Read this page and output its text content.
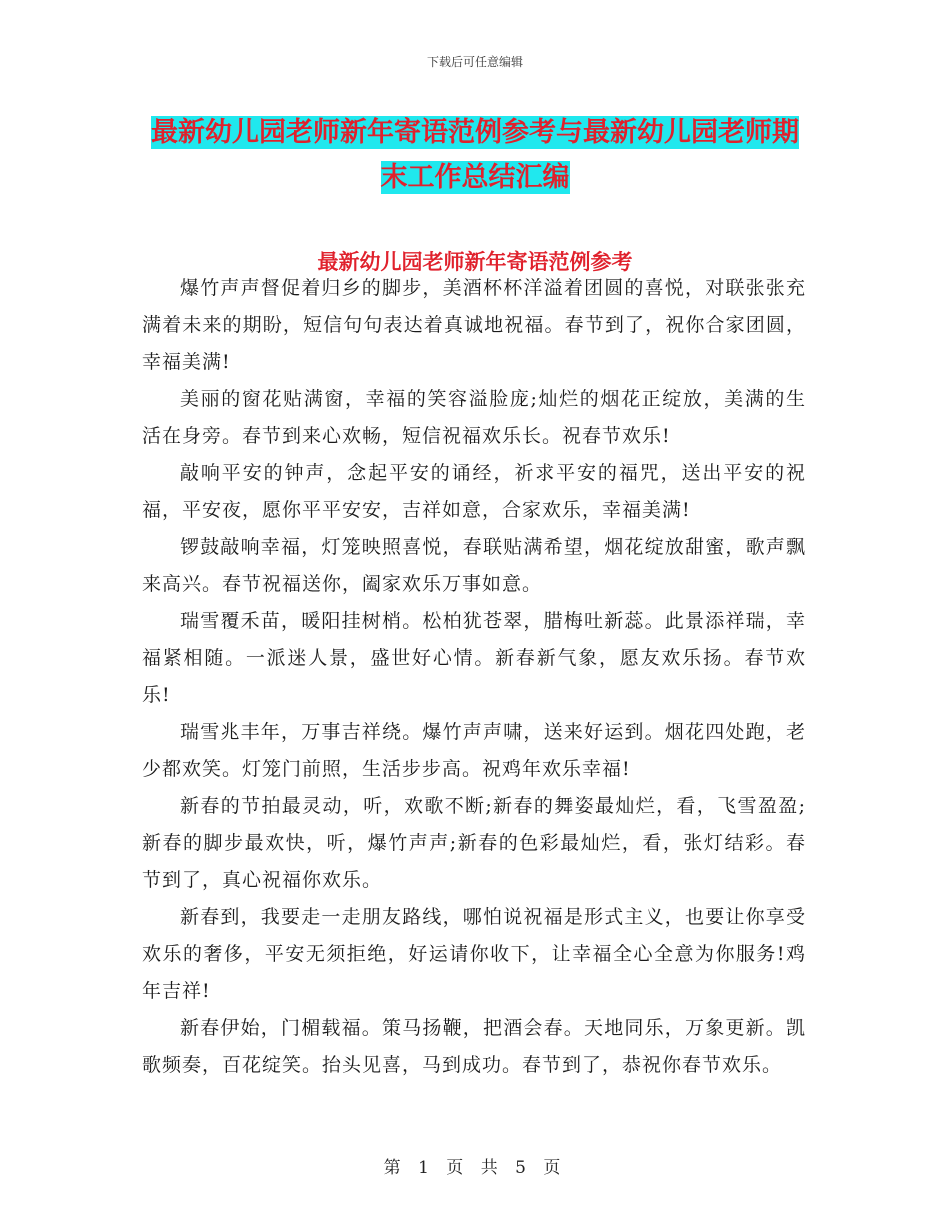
下载后可任意编辑
最新幼儿园老师新年寄语范例参考与最新幼儿园老师期末工作总结汇编
最新幼儿园老师新年寄语范例参考

爆竹声声督促着归乡的脚步，美酒杯杯洋溢着团圆的喜悦，对联张张充满着未来的期盼，短信句句表达着真诚地祝福。春节到了，祝你合家团圆，幸福美满!

美丽的窗花贴满窗，幸福的笑容溢脸庞;灿烂的烟花正绽放，美满的生活在身旁。春节到来心欢畅，短信祝福欢乐长。祝春节欢乐!

敲响平安的钟声，念起平安的诵经，祈求平安的福咒，送出平安的祝福，平安夜，愿你平平安安，吉祥如意，合家欢乐，幸福美满!

锣鼓敲响幸福，灯笼映照喜悦，春联贴满希望，烟花绽放甜蜜，歌声飘来高兴。春节祝福送你，阖家欢乐万事如意。

瑞雪覆禾苗，暖阳挂树梢。松柏犹苍翠，腊梅吐新蕊。此景添祥瑞，幸福紧相随。一派迷人景，盛世好心情。新春新气象，愿友欢乐扬。春节欢乐!

瑞雪兆丰年，万事吉祥绕。爆竹声声啸，送来好运到。烟花四处跑，老少都欢笑。灯笼门前照，生活步步高。祝鸡年欢乐幸福!

新春的节拍最灵动，听，欢歌不断;新春的舞姿最灿烂，看，飞雪盈盈;新春的脚步最欢快，听，爆竹声声;新春的色彩最灿烂，看，张灯结彩。春节到了，真心祝福你欢乐。

新春到，我要走一走朋友路线，哪怕说祝福是形式主义，也要让你享受欢乐的奢侈，平安无须拒绝，好运请你收下，让幸福全心全意为你服务!鸡年吉祥!

新春伊始，门楣载福。策马扬鞭，把酒会春。天地同乐，万象更新。凯歌频奏，百花绽笑。抬头见喜，马到成功。春节到了，恭祝你春节欢乐。

第 1 页 共 5 页
